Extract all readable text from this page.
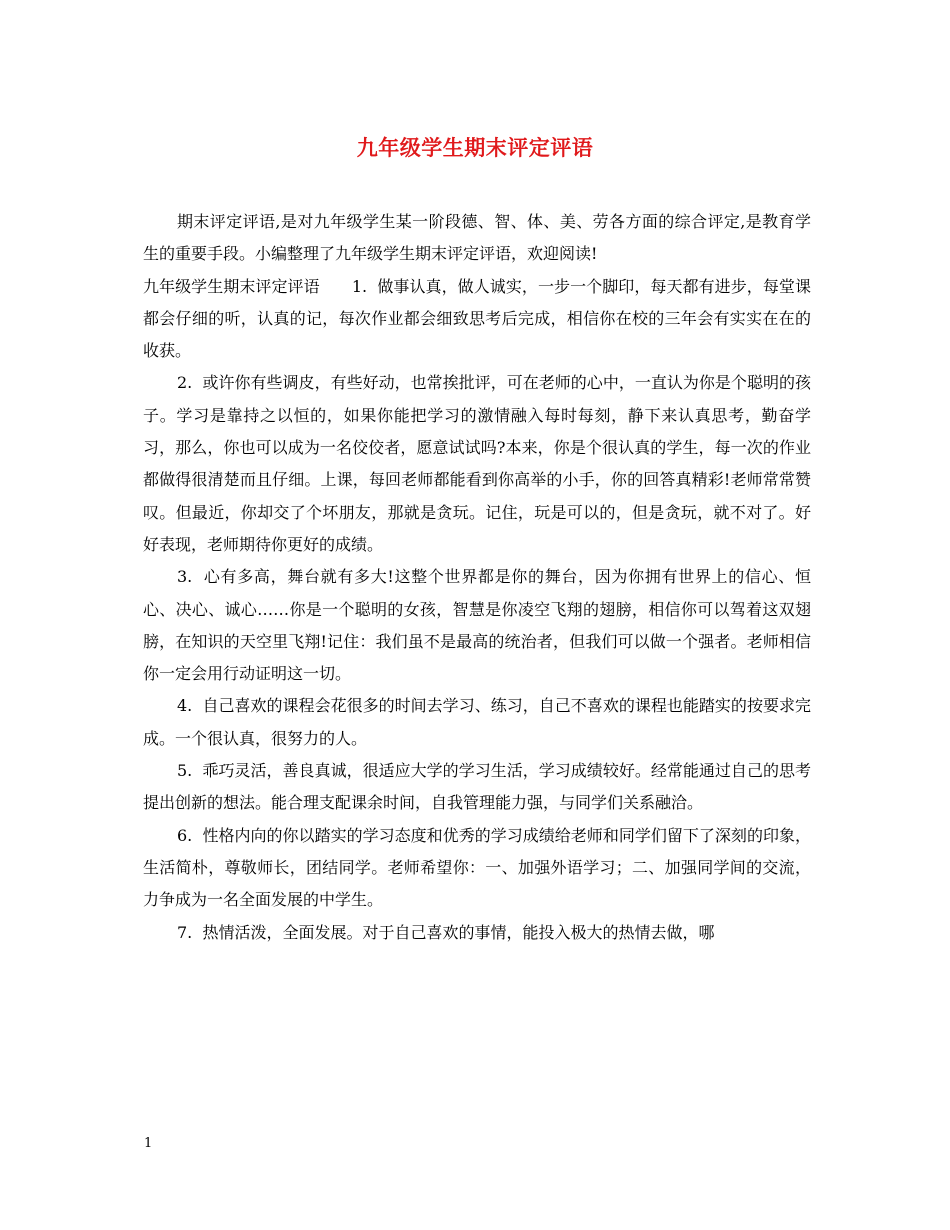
九年级学生期末评定评语

期末评定评语,是对九年级学生某一阶段德、智、体、美、劳各方面的综合评定,是教育学生的重要手段。小编整理了九年级学生期末评定评语，欢迎阅读!

九年级学生期末评定评语　　 1. 做事认真，做人诚实，一步一个脚印，每天都有进步，每堂课都会仔细的听，认真的记，每次作业都会细致思考后完成，相信你在校的三年会有实实在在的收获。

2. 或许你有些调皮，有些好动，也常挨批评，可在老师的心中，一直认为你是个聪明的孩子。学习是靠持之以恒的，如果你能把学习的激情融入每时每刻，静下来认真思考，勤奋学习，那么，你也可以成为一名佼佼者，愿意试试吗?本来，你是个很认真的学生，每一次的作业都做得很清楚而且仔细。上课，每回老师都能看到你高举的小手，你的回答真精彩!老师常常赞叹。但最近，你却交了个坏朋友，那就是贪玩。记住，玩是可以的，但是贪玩，就不对了。好好表现，老师期待你更好的成绩。

3. 心有多高，舞台就有多大!这整个世界都是你的舞台，因为你拥有世界上的信心、恒心、决心、诚心……你是一个聪明的女孩，智慧是你凌空飞翔的翅膀，相信你可以驾着这双翅膀，在知识的天空里飞翔!记住：我们虽不是最高的统治者，但我们可以做一个强者。老师相信你一定会用行动证明这一切。

4. 自己喜欢的课程会花很多的时间去学习、练习，自己不喜欢的课程也能踏实的按要求完成。一个很认真，很努力的人。

5. 乖巧灵活，善良真诚，很适应大学的学习生活，学习成绩较好。经常能通过自己的思考提出创新的想法。能合理支配课余时间，自我管理能力强，与同学们关系融洽。

6. 性格内向的你以踏实的学习态度和优秀的学习成绩给老师和同学们留下了深刻的印象，生活简朴，尊敬师长，团结同学。老师希望你：一、加强外语学习；二、加强同学间的交流，力争成为一名全面发展的中学生。

7. 热情活泼，全面发展。对于自己喜欢的事情，能投入极大的热情去做，哪

1
